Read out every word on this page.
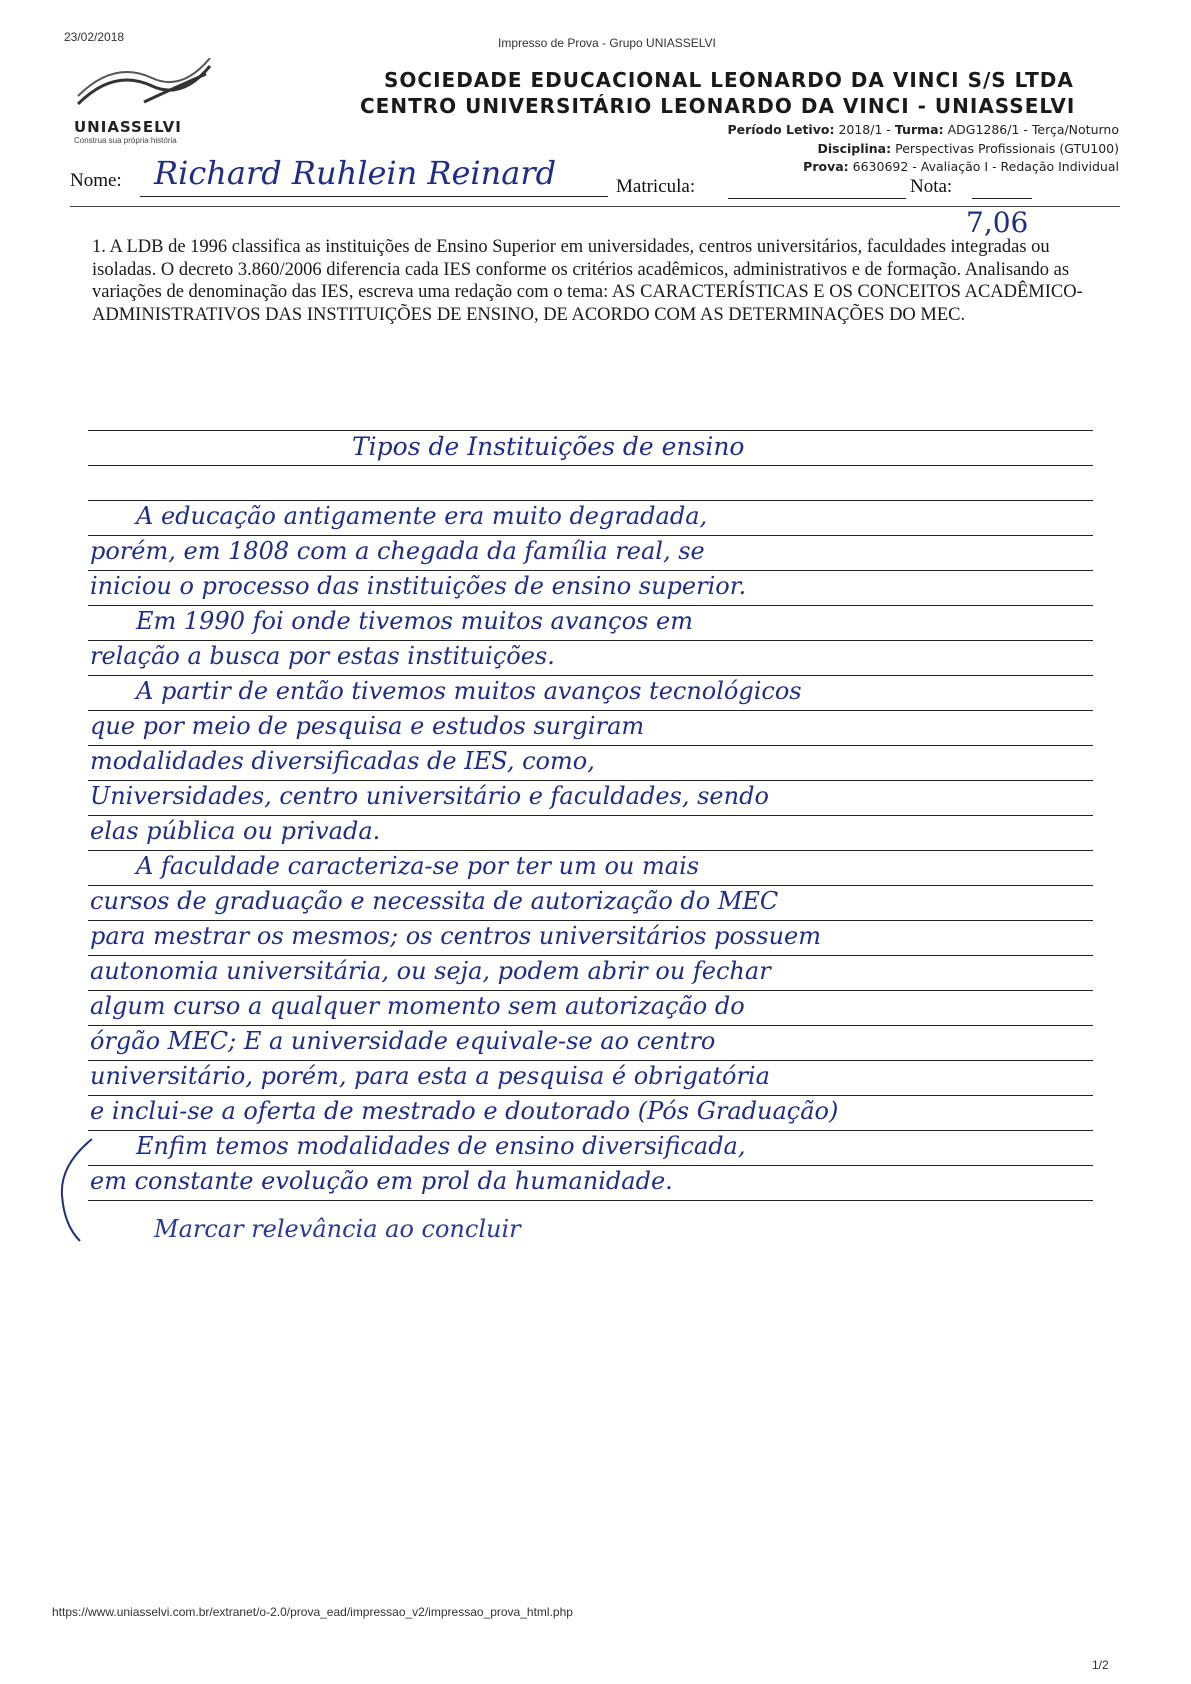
23/02/2018	Impresso de Prova - Grupo UNIASSELVI
UNIASSELVI
Construa sua própria história
SOCIEDADE EDUCACIONAL LEONARDO DA VINCI S/S LTDA
CENTRO UNIVERSITÁRIO LEONARDO DA VINCI - UNIASSELVI
Período Letivo: 2018/1 - Turma: ADG1286/1 - Terça/Noturno
Disciplina: Perspectivas Profissionais (GTU100)
Prova: 6630692 - Avaliação I - Redação Individual
Nome: Richard Ruhlein Reinard	Matricula:	Nota:
7,06
1. A LDB de 1996 classifica as instituições de Ensino Superior em universidades, centros universitários, faculdades integradas ou isoladas. O decreto 3.860/2006 diferencia cada IES conforme os critérios acadêmicos, administrativos e de formação. Analisando as variações de denominação das IES, escreva uma redação com o tema: AS CARACTERÍSTICAS E OS CONCEITOS ACADÊMICO-ADMINISTRATIVOS DAS INSTITUIÇÕES DE ENSINO, DE ACORDO COM AS DETERMINAÇÕES DO MEC.
Tipos de Instituições de ensino
A educação antigamente era muito degradada,
porém, em 1808 com a chegada da família real, se
iniciou o processo das instituições de ensino superior.
Em 1990 foi onde tivemos muitos avanços em
relação a busca por estas instituições.
A partir de então tivemos muitos avanços tecnológicos
que por meio de pesquisa e estudos surgiram
modalidades diversificadas de IES, como,
Universidades, centro universitário e faculdades, sendo
elas pública ou privada.
A faculdade caracteriza-se por ter um ou mais
cursos de graduação e necessita de autorização do MEC
para mestrar os mesmos; os centros universitários possuem
autonomia universitária, ou seja, podem abrir ou fechar
algum curso a qualquer momento sem autorização do
órgão MEC; E a universidade equivale-se ao centro
universitário, porém, para esta a pesquisa é obrigatória
e inclui-se a oferta de mestrado e doutorado (Pós Graduação)
Enfim temos modalidades de ensino diversificada,
em constante evolução em prol da humanidade.
Marcar relevância ao concluir
https://www.uniasselvi.com.br/extranet/o-2.0/prova_ead/impressao_v2/impressao_prova_html.php
1/2
